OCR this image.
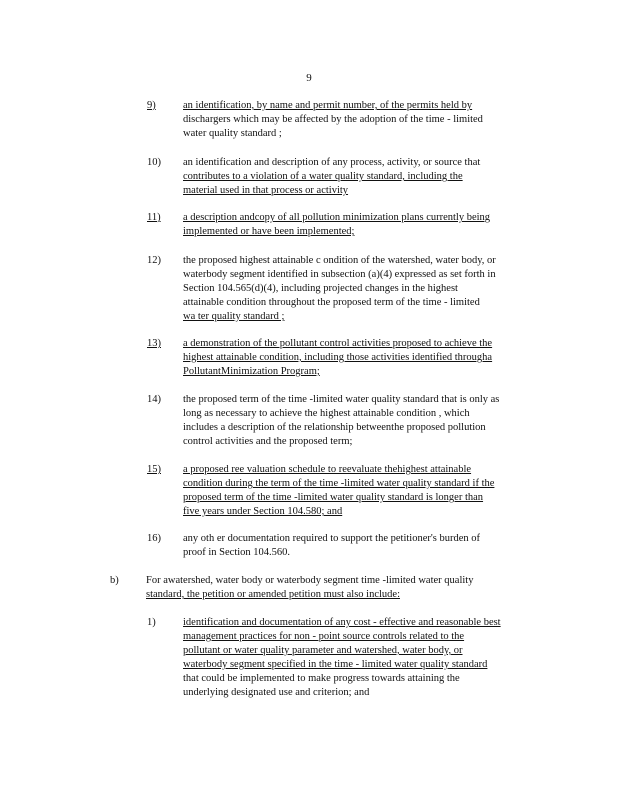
9
9)	an identification, by name and permit number, of the permits held by
dischargers which may be affected by the adoption of the time - limited
water quality standard ;
10) an identification and description of any process, activity, or source that
contributes to a violation of a water quality standard, including the
material used in that process or activity
11) a description andcopy of all pollution minimization plans currently being
implemented or have been implemented;
12) the proposed highest attainable c ondition of the watershed, water body, or
waterbody segment identified in subsection (a)(4) expressed as set forth in
Section 104.565(d)(4), including projected changes in the highest
attainable condition throughout the proposed term of the time - limited
wa ter quality standard ;
13) a demonstration of the pollutant control activities proposed to achieve the
highest attainable condition, including those activities identified througha
PollutantMinimization Program;
14) the proposed term of the time -limited water quality standard that is only as
long as necessary to achieve the highest attainable condition , which
includes a description of the relationship betweenthe proposed pollution
control activities and the proposed term;
15) a proposed ree valuation schedule to reevaluate thehighest attainable
condition during the term of the time -limited water quality standard if the
proposed term of the time -limited water quality standard is longer than
five years under Section 104.580; and
16) any oth er documentation required to support the petitioner's burden of
proof in Section 104.560.
b)	For awatershed, water body or waterbody segment time -limited water quality
standard, the petition or amended petition must also include:
1)	identification and documentation of any cost - effective and reasonable best
management practices for non - point source controls related to the
pollutant or water quality parameter and watershed, water body, or
waterbody segment specified in the time - limited water quality standard
that could be implemented to make progress towards attaining the
underlying designated use and criterion; and
